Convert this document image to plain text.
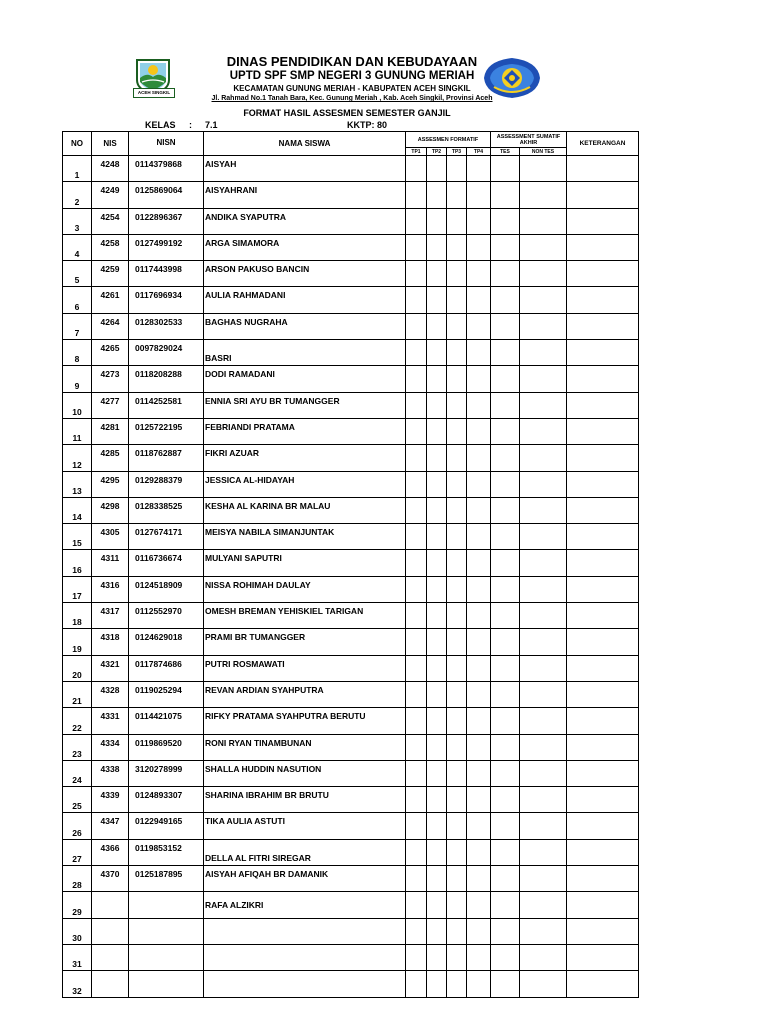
ACEH SINGKIL
DINAS PENDIDIKAN DAN KEBUDAYAAN
UPTD SPF SMP NEGERI 3 GUNUNG MERIAH
KECAMATAN GUNUNG MERIAH - KABUPATEN ACEH SINGKIL
Jl. Rahmad No.1 Tanah Bara, Kec. Gunung Meriah , Kab. Aceh Singkil, Provinsi Aceh
FORMAT HASIL ASSESMEN SEMESTER GANJIL
KELAS : 7.1	KKTP: 80
NO	NIS	NISN	NAMA SISWA	ASSESMEN FORMATIF				ASSESSMENT SUMATIF AKHIR		KETERANGAN
				TP1	TP2	TP3	TP4	TES	NON TES	
1	4248	0114379868	AISYAH							
2	4249	0125869064	AISYAHRANI							
3	4254	0122896367	ANDIKA SYAPUTRA							
4	4258	0127499192	ARGA SIMAMORA							
5	4259	0117443998	ARSON PAKUSO BANCIN							
6	4261	0117696934	AULIA RAHMADANI							
7	4264	0128302533	BAGHAS NUGRAHA							
8	4265	0097829024	BASRI							
9	4273	0118208288	DODI RAMADANI							
10	4277	0114252581	ENNIA SRI AYU BR TUMANGGER							
11	4281	0125722195	FEBRIANDI PRATAMA							
12	4285	0118762887	FIKRI AZUAR							
13	4295	0129288379	JESSICA AL-HIDAYAH							
14	4298	0128338525	KESHA AL KARINA BR MALAU							
15	4305	0127674171	MEISYA NABILA SIMANJUNTAK							
16	4311	0116736674	MULYANI SAPUTRI							
17	4316	0124518909	NISSA ROHIMAH DAULAY							
18	4317	0112552970	OMESH BREMAN YEHISKIEL TARIGAN							
19	4318	0124629018	PRAMI BR TUMANGGER							
20	4321	0117874686	PUTRI ROSMAWATI							
21	4328	0119025294	REVAN ARDIAN SYAHPUTRA							
22	4331	0114421075	RIFKY PRATAMA SYAHPUTRA BERUTU							
23	4334	0119869520	RONI RYAN TINAMBUNAN							
24	4338	3120278999	SHALLA HUDDIN NASUTION							
25	4339	0124893307	SHARINA IBRAHIM BR BRUTU							
26	4347	0122949165	TIKA AULIA ASTUTI							
27	4366	0119853152	DELLA AL FITRI SIREGAR							
28	4370	0125187895	AISYAH AFIQAH BR DAMANIK							
29			RAFA ALZIKRI							
30										
31										
32										
